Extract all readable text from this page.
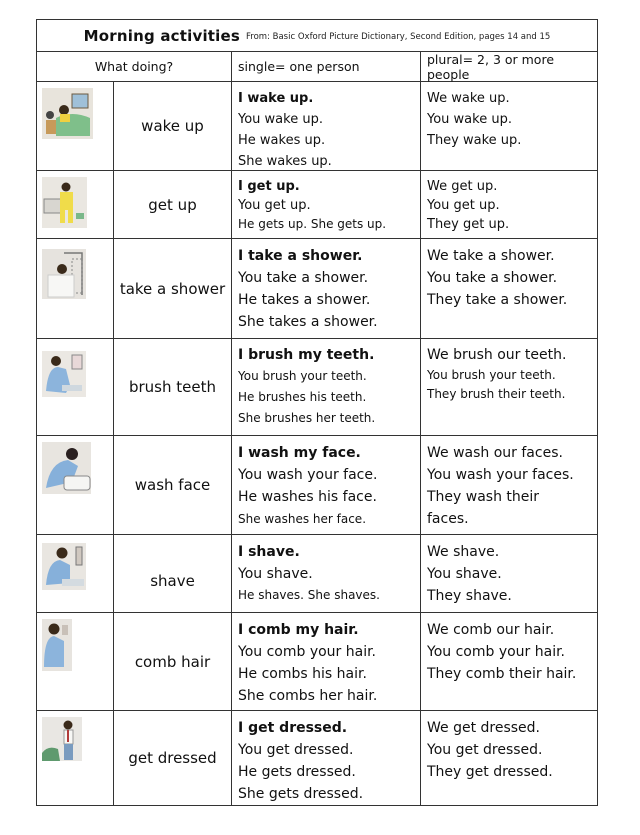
Morning activities From: Basic Oxford Picture Dictionary, Second Edition, pages 14 and 15
What doing?	single= one person	plural= 2, 3 or more people
wake up
I wake up.
You wake up.
He wakes up.
She wakes up.
We wake up.
You wake up.
They wake up.
get up
I get up.
You get up.
He gets up. She gets up.
We get up.
You get up.
They get up.
take a shower
I take a shower.
You take a shower.
He takes a shower.
She takes a shower.
We take a shower.
You take a shower.
They take a shower.
brush teeth
I brush my teeth.
You brush your teeth.
He brushes his teeth.
She brushes her teeth.
We brush our teeth.
You brush your teeth.
They brush their teeth.
wash face
I wash my face.
You wash your face.
He washes his face.
She washes her face.
We wash our faces.
You wash your faces.
They wash their
faces.
shave
I shave.
You shave.
He shaves. She shaves.
We shave.
You shave.
They shave.
comb hair
I comb my hair.
You comb your hair.
He combs his hair.
She combs her hair.
We comb our hair.
You comb your hair.
They comb their hair.
get dressed
I get dressed.
You get dressed.
He gets dressed.
She gets dressed.
We get dressed.
You get dressed.
They get dressed.
